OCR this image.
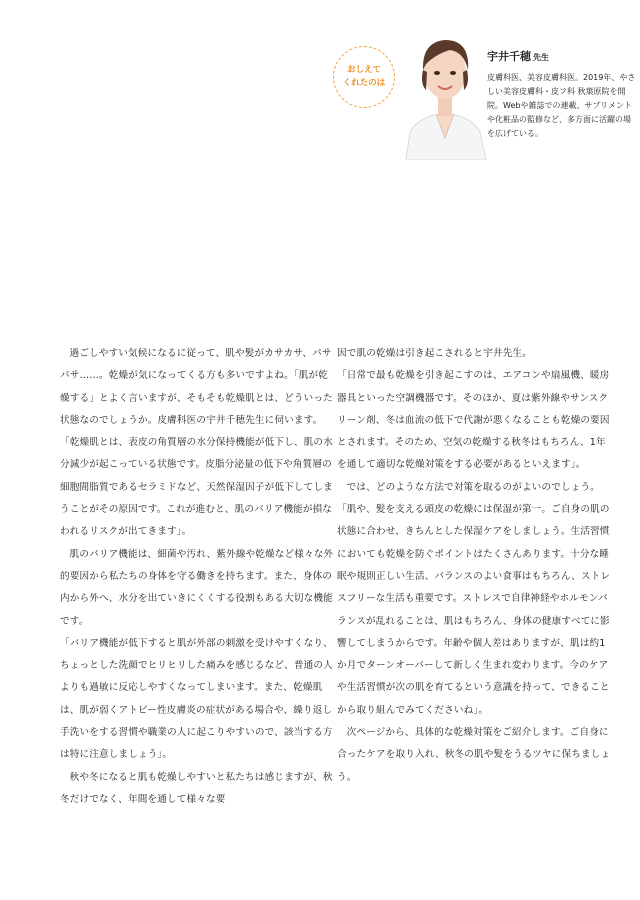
おしえて
くれたのは
宇井千穂 先生
皮膚科医、美容皮膚科医。2019年、やさしい美容皮膚科・皮フ科 秋葉原院を開院。Webや雑誌での連載、サプリメントや化粧品の監修など、多方面に活躍の場を広げている。

過ごしやすい気候になるに従って、肌や髪がカサカサ、パサパサ……。乾燥が気になってくる方も多いですよね。「肌が乾燥する」とよく言いますが、そもそも乾燥肌とは、どういった状態なのでしょうか。皮膚科医の宇井千穂先生に伺います。

「乾燥肌とは、表皮の角質層の水分保持機能が低下し、肌の水分減少が起こっている状態です。皮脂分泌量の低下や角質層の細胞間脂質であるセラミドなど、天然保湿因子が低下してしまうことがその原因です。これが進むと、肌のバリア機能が損なわれるリスクが出てきます」。

肌のバリア機能は、細菌や汚れ、紫外線や乾燥など様々な外的要因から私たちの身体を守る働きを持ちます。また、身体の内から外へ、水分を出ていきにくくする役割もある大切な機能です。

「バリア機能が低下すると肌が外部の刺激を受けやすくなり、ちょっとした洗顔でヒリヒリした痛みを感じるなど、普通の人よりも過敏に反応しやすくなってしまいます。また、乾燥肌は、肌が弱くアトピー性皮膚炎の症状がある場合や、繰り返し手洗いをする習慣や職業の人に起こりやすいので、該当する方は特に注意しましょう」。

秋や冬になると肌も乾燥しやすいと私たちは感じますが、秋冬だけでなく、年間を通して様々な要

因で肌の乾燥は引き起こされると宇井先生。

「日常で最も乾燥を引き起こすのは、エアコンや扇風機、暖房器具といった空調機器です。そのほか、夏は紫外線やサンスクリーン剤、冬は血流の低下で代謝が悪くなることも乾燥の要因とされます。そのため、空気の乾燥する秋冬はもちろん、1年を通して適切な乾燥対策をする必要があるといえます」。

では、どのような方法で対策を取るのがよいのでしょう。

「肌や、髪を支える頭皮の乾燥には保湿が第一。ご自身の肌の状態に合わせ、きちんとした保湿ケアをしましょう。生活習慣においても乾燥を防ぐポイントはたくさんあります。十分な睡眠や規則正しい生活、バランスのよい食事はもちろん、ストレスフリーな生活も重要です。ストレスで自律神経やホルモンバランスが乱れることは、肌はもちろん、身体の健康すべてに影響してしまうからです。年齢や個人差はありますが、肌は約1か月でターンオーバーして新しく生まれ変わります。今のケアや生活習慣が次の肌を育てるという意識を持って、できることから取り組んでみてくださいね」。

次ページから、具体的な乾燥対策をご紹介します。ご自身に合ったケアを取り入れ、秋冬の肌や髪をうるツヤに保ちましょう。
